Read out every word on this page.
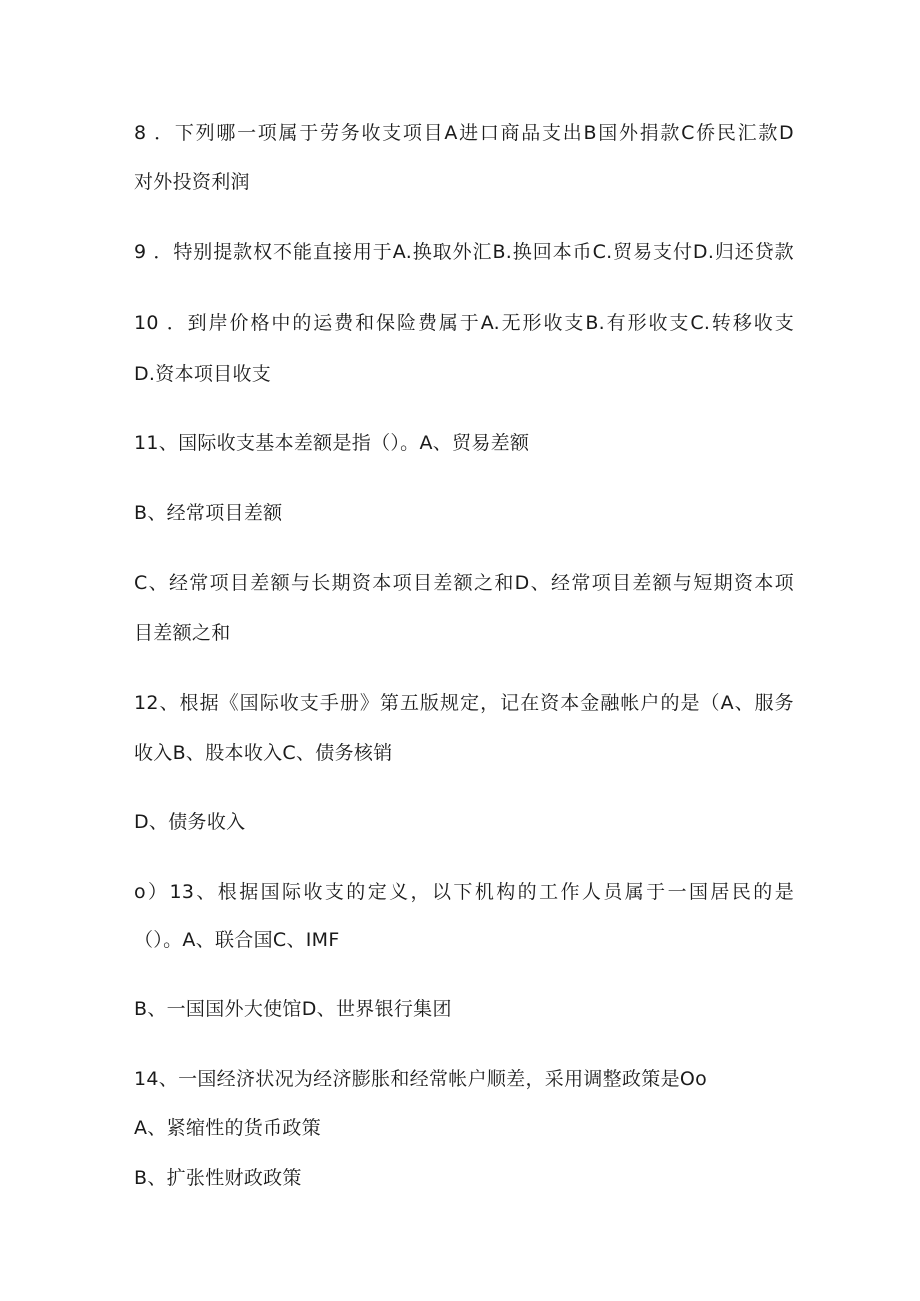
8 ．下列哪一项属于劳务收支项目A进口商品支出B国外捐款C侨民汇款D
对外投资利润
9 ．特别提款权不能直接用于A.换取外汇B.换回本币C.贸易支付D.归还贷款
10 ．到岸价格中的运费和保险费属于A.无形收支B.有形收支C.转移收支
D.资本项目收支
11、国际收支基本差额是指（）。A、贸易差额
B、经常项目差额
C、经常项目差额与长期资本项目差额之和D、经常项目差额与短期资本项
目差额之和
12、根据《国际收支手册》第五版规定，记在资本金融帐户的是（A、服务
收入B、股本收入C、债务核销
D、债务收入
o）13、根据国际收支的定义，以下机构的工作人员属于一国居民的是
（）。A、联合国C、IMF
B、一国国外大使馆D、世界银行集团
14、一国经济状况为经济膨胀和经常帐户顺差，采用调整政策是Oo
A、紧缩性的货币政策
B、扩张性财政政策
